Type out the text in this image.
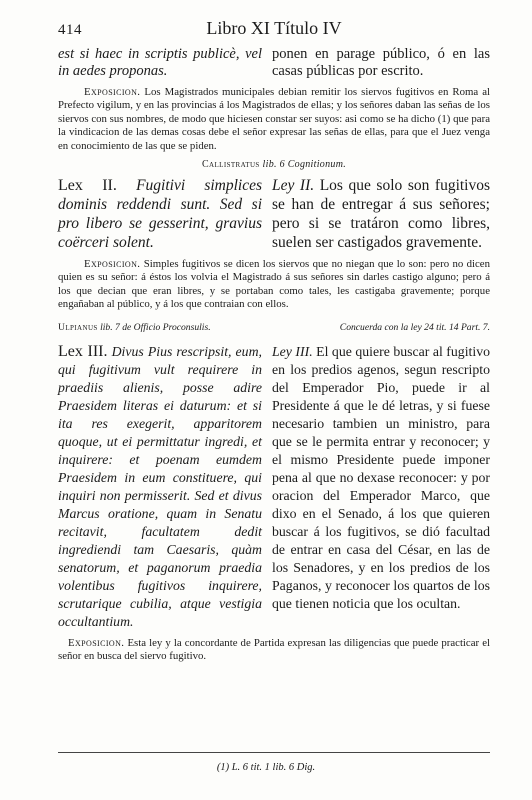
414	Libro XI Título IV
est si haec in scriptis publicè, vel in aedes proponas.
ponen en parage público, ó en las casas públicas por escrito.
Exposicion. Los Magistrados municipales debian remitir los siervos fugitivos en Roma al Prefecto vigilum, y en las provincias á los Magistrados de ellas; y los señores daban las señas de los siervos con sus nombres, de modo que hiciesen constar ser suyos: asi como se ha dicho (1) que para la vindicacion de las demas cosas debe el señor expresar las señas de ellas, para que el Juez venga en conocimiento de las que se piden.
Callistratus lib. 6 Cognitionum.
Lex II. Fugitivi simplices dominis reddendi sunt. Sed si pro libero se gesserint, gravius coërceri solent.
Ley II. Los que solo son fugitivos se han de entregar á sus señores; pero si se tratáron como libres, suelen ser castigados gravemente.
Exposicion. Simples fugitivos se dicen los siervos que no niegan que lo son: pero no dicen quien es su señor: á éstos los volvia el Magistrado á sus señores sin darles castigo alguno; pero á los que decian que eran libres, y se portaban como tales, les castigaba gravemente; porque engañaban al público, y á los que contraian con ellos.
Ulpianus lib. 7 de Officio Proconsulis.	Concuerda con la ley 24 tit. 14 Part. 7.
Lex III. Divus Pius rescripsit, eum, qui fugitivum vult requirere in praediis alienis, posse adire Praesidem literas ei daturum: et si ita res exegerit, apparitorem quoque, ut ei permittatur ingredi, et inquirere: et poenam eumdem Praesidem in eum constituere, qui inquiri non permisserit. Sed et divus Marcus oratione, quam in Senatu recitavit, facultatem dedit ingrediendi tam Caesaris, quàm senatorum, et paganorum praedia volentibus fugitivos inquirere, scrutarique cubilia, atque vestigia occultantium.
Ley III. El que quiere buscar al fugitivo en los predios agenos, segun rescripto del Emperador Pio, puede ir al Presidente á que le dé letras, y si fuese necesario tambien un ministro, para que se le permita entrar y reconocer; y el mismo Presidente puede imponer pena al que no dexase reconocer: y por oracion del Emperador Marco, que dixo en el Senado, á los que quieren buscar á los fugitivos, se dió facultad de entrar en casa del César, en las de los Senadores, y en los predios de los Paganos, y reconocer los quartos de los que tienen noticia que los ocultan.
Exposicion. Esta ley y la concordante de Partida expresan las diligencias que puede practicar el señor en busca del siervo fugitivo.
(1) L. 6 tit. 1 lib. 6 Dig.
